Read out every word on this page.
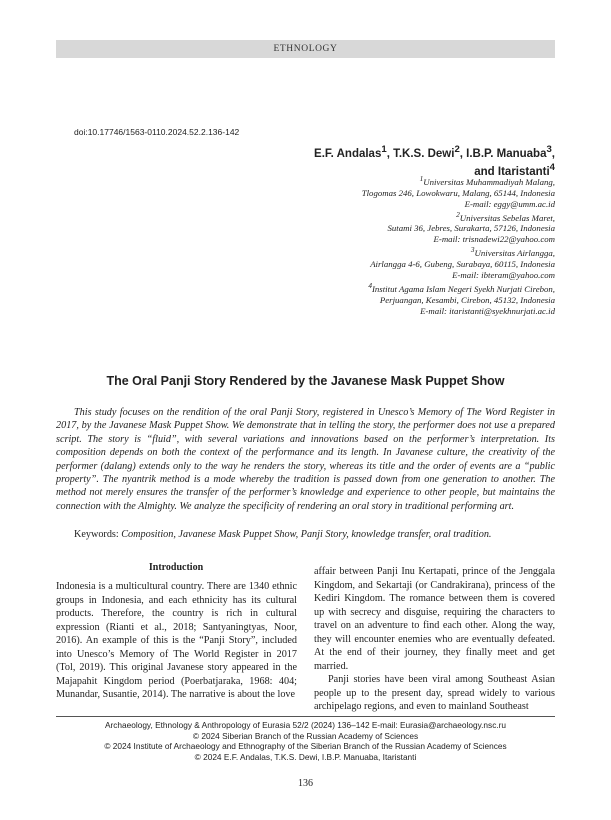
ETHNOLOGY
doi:10.17746/1563-0110.2024.52.2.136-142
E.F. Andalas$^1$, T.K.S. Dewi$^2$, I.B.P. Manuaba$^3$,
and Itaristanti$^4$
$^1$Universitas Muhammadiyah Malang,
Tlogomas 246, Lowokwaru, Malang, 65144, Indonesia
E-mail: eggy@umm.ac.id
$^2$Universitas Sebelas Maret,
Sutami 36, Jebres, Surakarta, 57126, Indonesia
E-mail: trisnadewi22@yahoo.com
$^3$Universitas Airlangga,
Airlangga 4-6, Gubeng, Surabaya, 60115, Indonesia
E-mail: ibteram@yahoo.com
$^4$Institut Agama Islam Negeri Syekh Nurjati Cirebon,
Perjuangan, Kesambi, Cirebon, 45132, Indonesia
E-mail: itaristanti@syekhnurjati.ac.id
The Oral Panji Story Rendered by the Javanese Mask Puppet Show
This study focuses on the rendition of the oral Panji Story, registered in Unesco’s Memory of The Word Register in 2017, by the Javanese Mask Puppet Show. We demonstrate that in telling the story, the performer does not use a prepared script. The story is “fluid”, with several variations and innovations based on the performer’s interpretation. Its composition depends on both the context of the performance and its length. In Javanese culture, the creativity of the performer (dalang) extends only to the way he renders the story, whereas its title and the order of events are a “public property”. The nyantrik method is a mode whereby the tradition is passed down from one generation to another. The method not merely ensures the transfer of the performer’s knowledge and experience to other people, but maintains the connection with the Almighty. We analyze the specificity of rendering an oral story in traditional performing art.
Keywords: Composition, Javanese Mask Puppet Show, Panji Story, knowledge transfer, oral tradition.
Introduction

Indonesia is a multicultural country. There are 1340 ethnic groups in Indonesia, and each ethnicity has its cultural products. Therefore, the country is rich in cultural expression (Rianti et al., 2018; Santyaningtyas, Noor, 2016). An example of this is the “Panji Story”, included into Unesco’s Memory of The World Register in 2017 (Tol, 2019). This original Javanese story appeared in the Majapahit Kingdom period (Poerbatjaraka, 1968: 404; Munandar, Susantie, 2014). The narrative is about the love

affair between Panji Inu Kertapati, prince of the Jenggala Kingdom, and Sekartaji (or Candrakirana), princess of the Kediri Kingdom. The romance between them is covered up with secrecy and disguise, requiring the characters to travel on an adventure to find each other. Along the way, they will encounter enemies who are eventually defeated. At the end of their journey, they finally meet and get married.

Panji stories have been viral among Southeast Asian people up to the present day, spread widely to various archipelago regions, and even to mainland Southeast

Archaeology, Ethnology & Anthropology of Eurasia 52/2 (2024) 136–142 E-mail: Eurasia@archaeology.nsc.ru
© 2024 Siberian Branch of the Russian Academy of Sciences
© 2024 Institute of Archaeology and Ethnography of the Siberian Branch of the Russian Academy of Sciences
© 2024 E.F. Andalas, T.K.S. Dewi, I.B.P. Manuaba, Itaristanti
136
